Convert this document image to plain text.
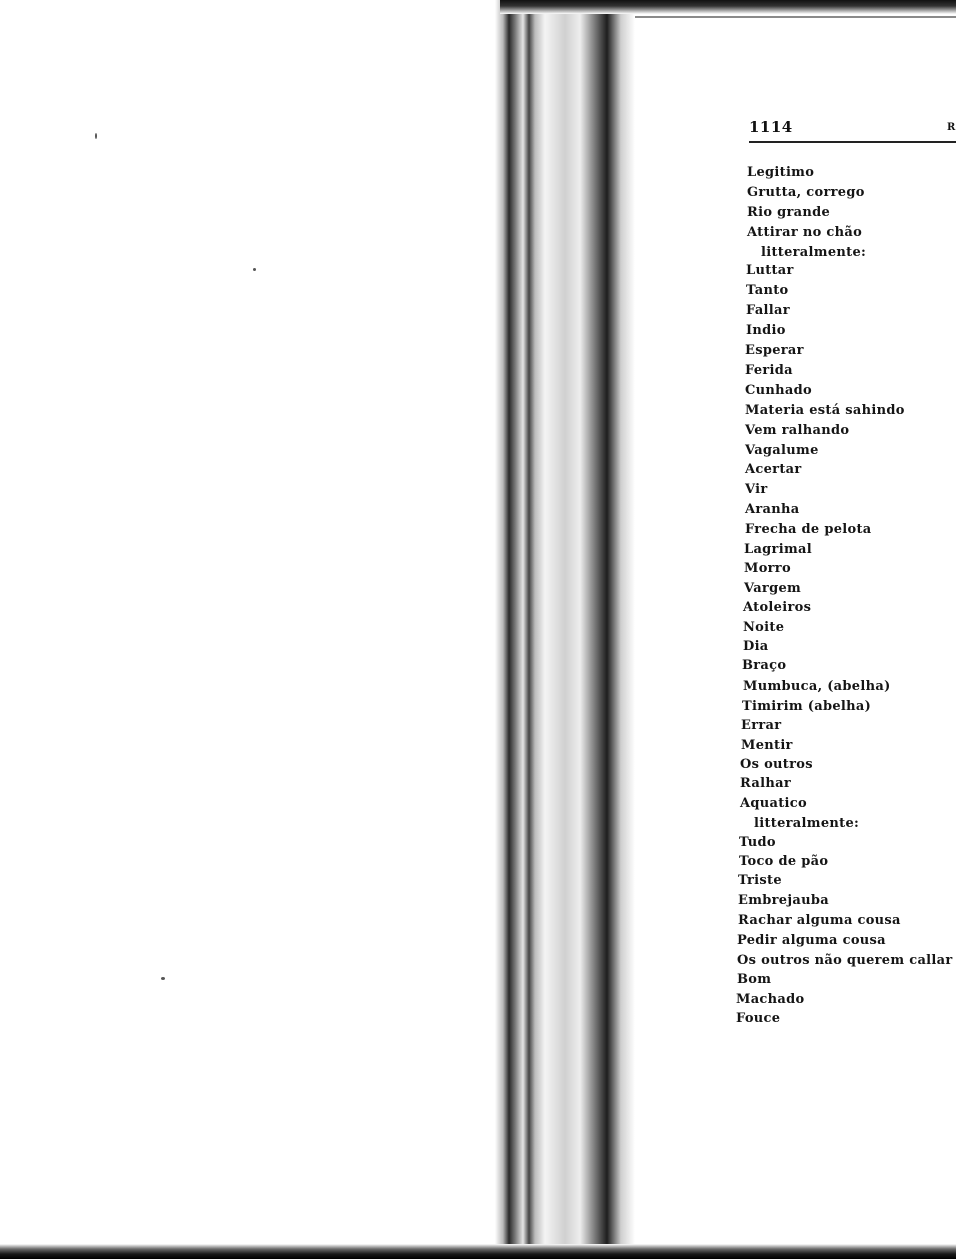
1114	R
Legitimo
Grutta, corrego
Rio grande
Attirar no chão
litteralmente:
Luttar
Tanto
Fallar
Indio
Esperar
Ferida
Cunhado
Materia está sahindo
Vem ralhando
Vagalume
Acertar
Vir
Aranha
Frecha de pelota
Lagrimal
Morro
Vargem
Atoleiros
Noite
Dia
Braço
Mumbuca, (abelha)
Timirim (abelha)
Errar
Mentir
Os outros
Ralhar
Aquatico
litteralmente:
Tudo
Toco de pão
Triste
Embrejauba
Rachar alguma cousa
Pedir alguma cousa
Os outros não querem callar
Bom
Machado
Fouce
